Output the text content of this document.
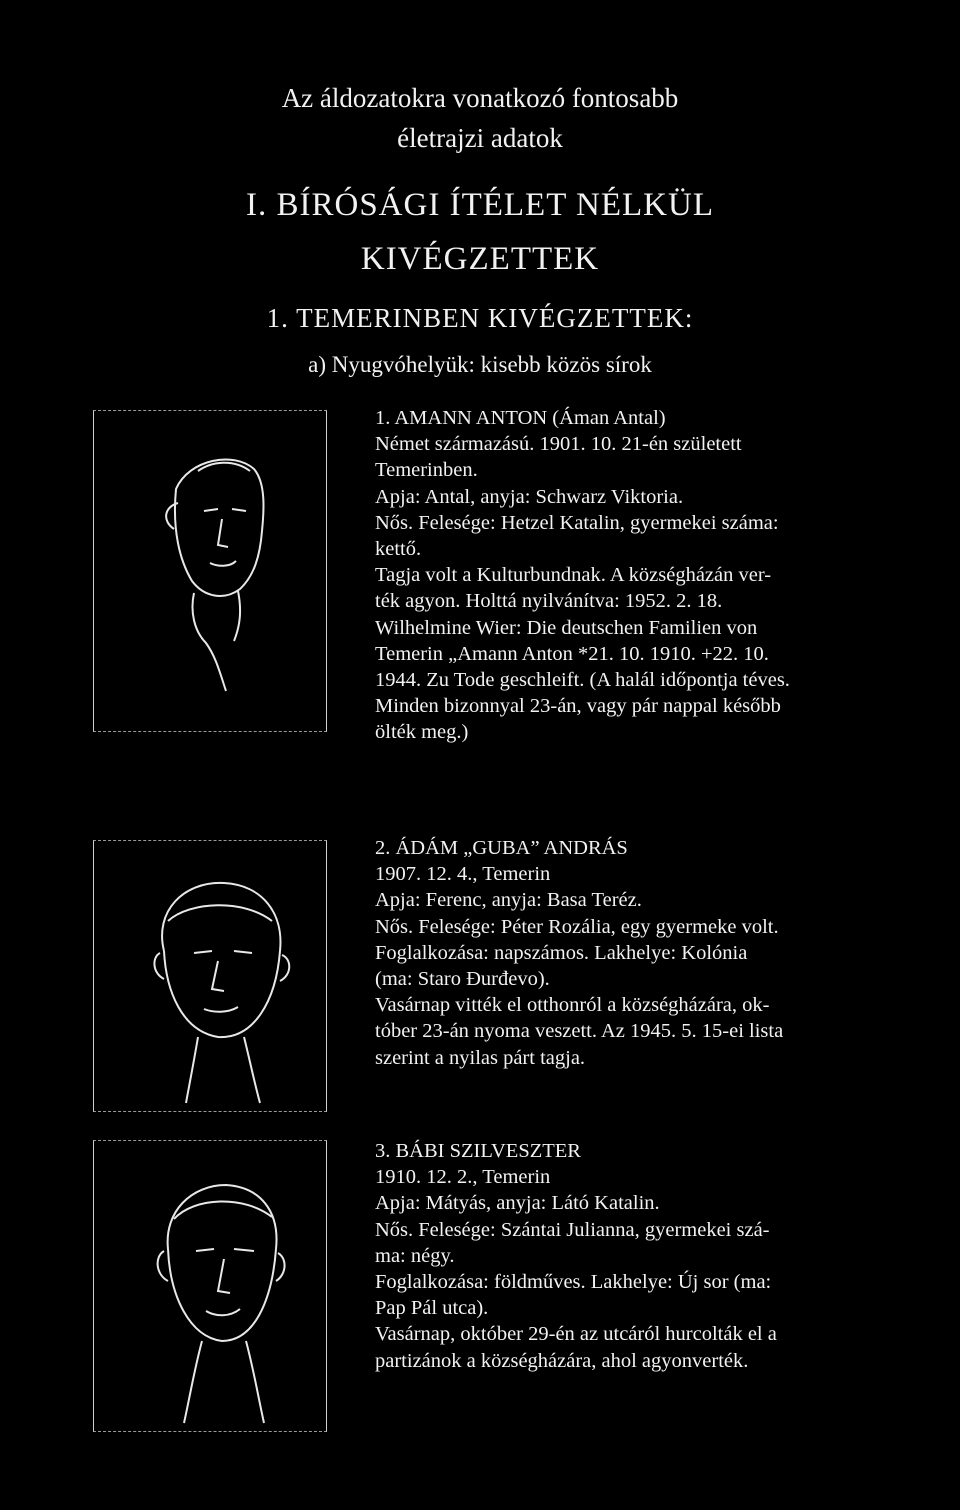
Az áldozatokra vonatkozó fontosabb
életrajzi adatok
I. BÍRÓSÁGI ÍTÉLET NÉLKÜL
KIVÉGZETTEK
1. TEMERINBEN KIVÉGZETTEK:
a) Nyugvóhelyük: kisebb közös sírok

1. AMANN ANTON (Áman Antal)

Német származású. 1901. 10. 21-én született

Temerinben.

Apja: Antal, anyja: Schwarz Viktoria.

Nős. Felesége: Hetzel Katalin, gyermekei száma:

kettő.

Tagja volt a Kulturbundnak. A községházán ver-

ték agyon. Holttá nyilvánítva: 1952. 2. 18.

Wilhelmine Wier: Die deutschen Familien von

Temerin „Amann Anton *21. 10. 1910. +22. 10.

1944. Zu Tode geschleift. (A halál időpontja téves.

Minden bizonnyal 23-án, vagy pár nappal később

ölték meg.)

2. ÁDÁM „GUBA” ANDRÁS

1907. 12. 4., Temerin

Apja: Ferenc, anyja: Basa Teréz.

Nős. Felesége: Péter Rozália, egy gyermeke volt.

Foglalkozása: napszámos. Lakhelye: Kolónia

(ma: Staro Đurđevo).

Vasárnap vitték el otthonról a községházára, ok-

tóber 23-án nyoma veszett. Az 1945. 5. 15-ei lista

szerint a nyilas párt tagja.

3. BÁBI SZILVESZTER

1910. 12. 2., Temerin

Apja: Mátyás, anyja: Látó Katalin.

Nős. Felesége: Szántai Julianna, gyermekei szá-

ma: négy.

Foglalkozása: földműves. Lakhelye: Új sor (ma:

Pap Pál utca).

Vasárnap, október 29-én az utcáról hurcolták el a

partizánok a községházára, ahol agyonverték.
